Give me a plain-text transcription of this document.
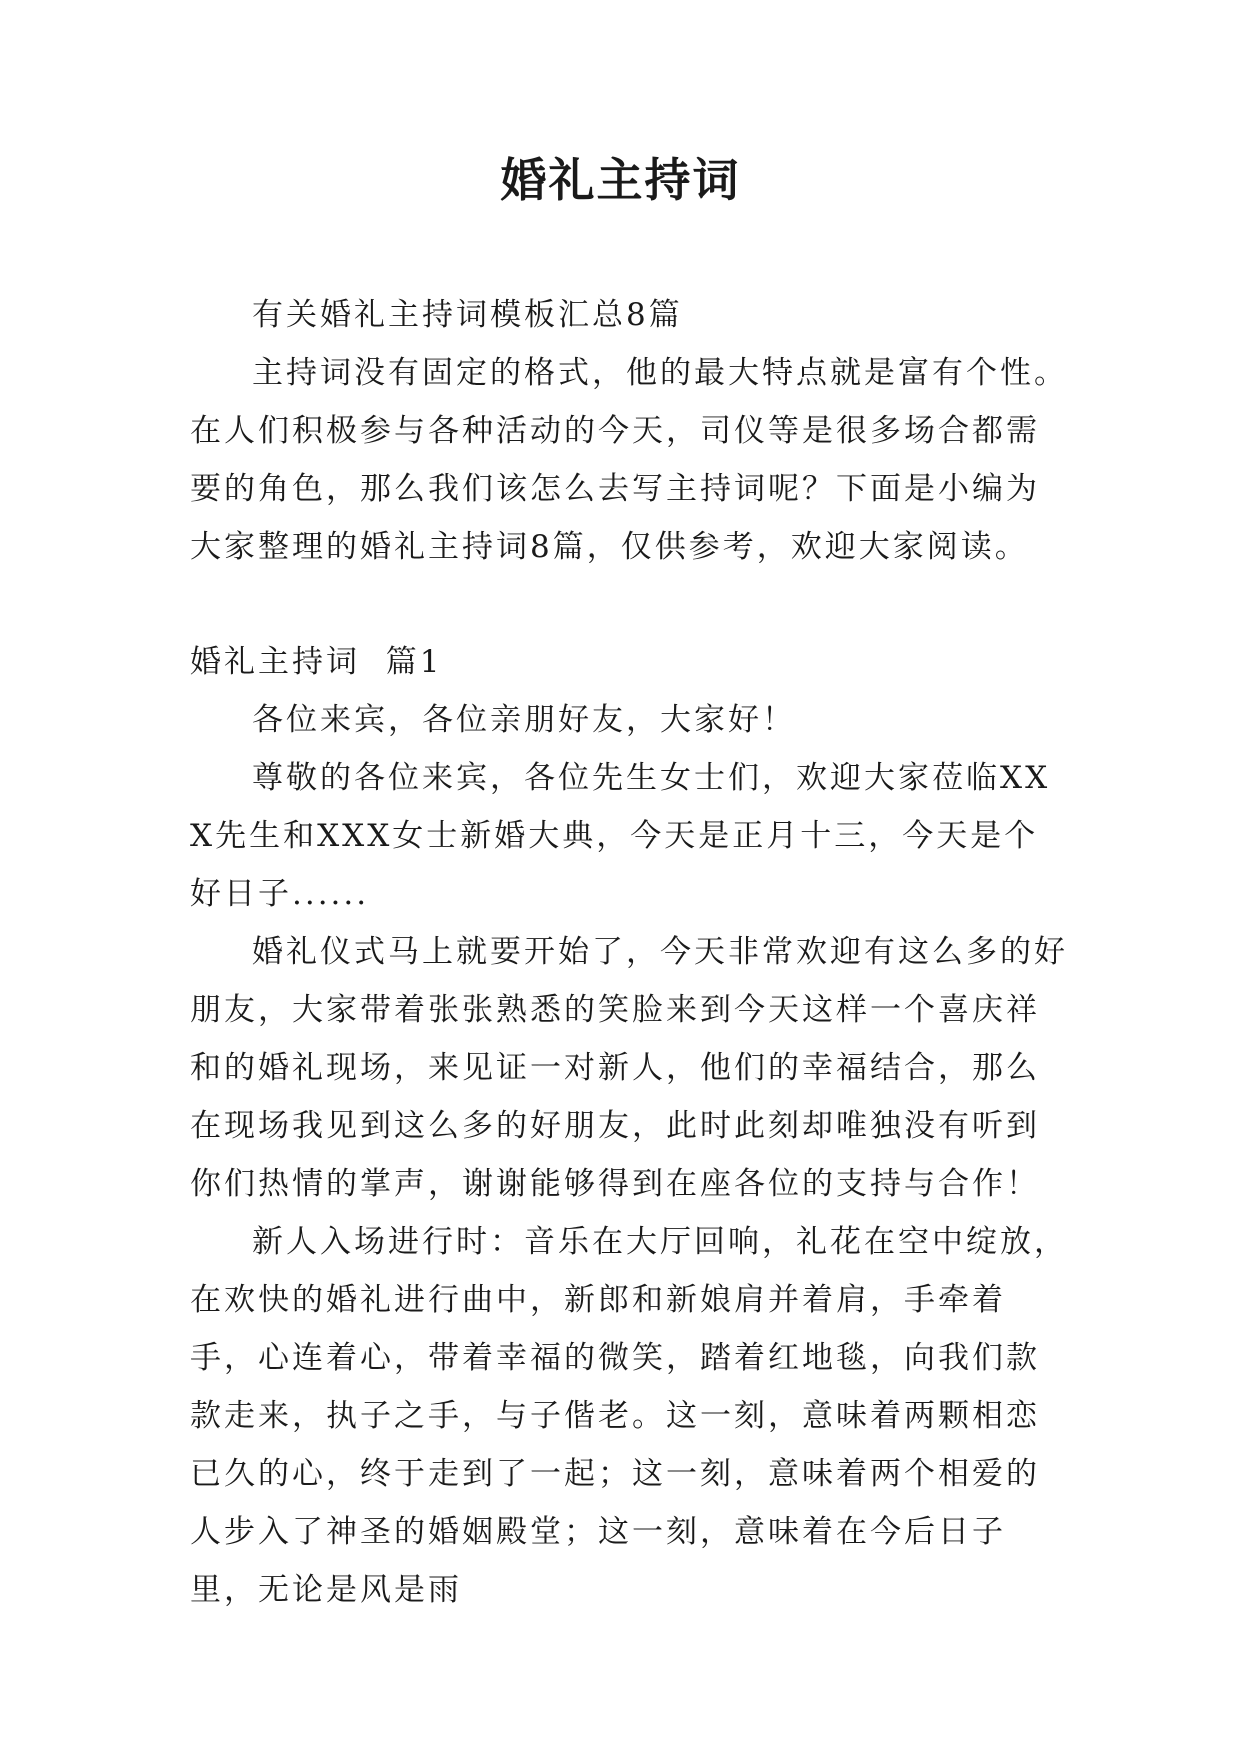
婚礼主持词

有关婚礼主持词模板汇总8篇

主持词没有固定的格式，他的最大特点就是富有个性。在人们积极参与各种活动的今天，司仪等是很多场合都需要的角色，那么我们该怎么去写主持词呢？下面是小编为大家整理的婚礼主持词8篇，仅供参考，欢迎大家阅读。

婚礼主持词  篇1

各位来宾，各位亲朋好友，大家好！

尊敬的各位来宾，各位先生女士们，欢迎大家莅临XXX先生和XXX女士新婚大典，今天是正月十三，今天是个好日子......

婚礼仪式马上就要开始了，今天非常欢迎有这么多的好朋友，大家带着张张熟悉的笑脸来到今天这样一个喜庆祥和的婚礼现场，来见证一对新人，他们的幸福结合，那么在现场我见到这么多的好朋友，此时此刻却唯独没有听到你们热情的掌声，谢谢能够得到在座各位的支持与合作！

新人入场进行时：音乐在大厅回响，礼花在空中绽放，在欢快的婚礼进行曲中，新郎和新娘肩并着肩，手牵着手，心连着心，带着幸福的微笑，踏着红地毯，向我们款款走来，执子之手，与子偕老。这一刻，意味着两颗相恋已久的心，终于走到了一起；这一刻，意味着两个相爱的人步入了神圣的婚姻殿堂；这一刻，意味着在今后日子里，无论是风是雨
